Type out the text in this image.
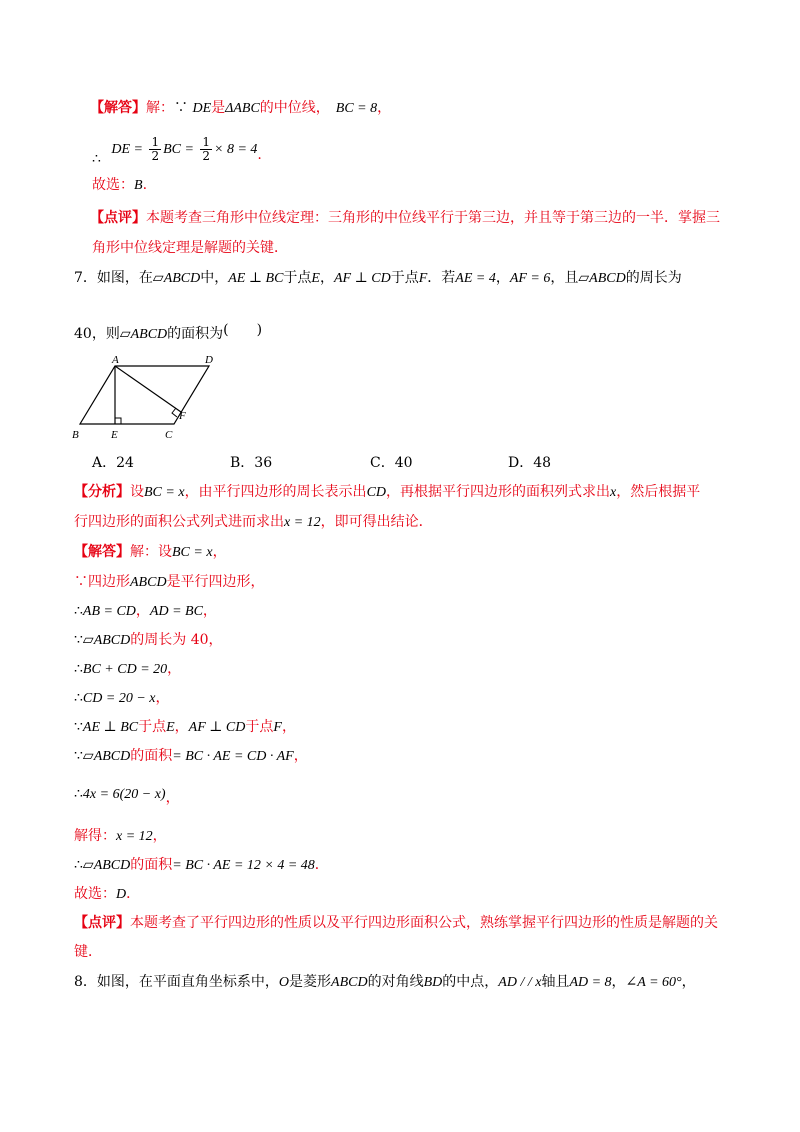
【解答】解：∵ DE是ΔABC的中位线， BC = 8，
∴ DE = $\frac{1}{2}$ BC = $\frac{1}{2} \times 8 = 4$.
故选：B.
【点评】本题考查三角形中位线定理：三角形的中位线平行于第三边，并且等于第三边的一半．掌握三
角形中位线定理是解题的关键．
7．如图，在▱ABCD中，AE ⊥ BC于点E，AF ⊥ CD于点F．若AE = 4，AF = 6，且▱ABCD的周长为
40，则▱ABCD的面积为(　　)
A	D
B	E	C
F
A．24	B．36	C．40	D．48
【分析】设BC = x，由平行四边形的周长表示出CD，再根据平行四边形的面积列式求出x，然后根据平
行四边形的面积公式列式进而求出x = 12，即可得出结论．
【解答】解：设BC = x，
∵四边形ABCD是平行四边形，
∴AB = CD，AD = BC，
∵▱ABCD的周长为 40，
∴BC + CD = 20，
∴CD = 20 − x，
∵AE ⊥ BC于点E，AF ⊥ CD于点F，
∵▱ABCD的面积= BC · AE = CD · AF，
∴4x = 6(20 − x)，
解得：x = 12，
∴▱ABCD的面积= BC · AE = 12 × 4 = 48．
故选：D．
【点评】本题考查了平行四边形的性质以及平行四边形面积公式，熟练掌握平行四边形的性质是解题的关
键．
8．如图，在平面直角坐标系中，O是菱形ABCD的对角线BD的中点，AD / / x轴且AD = 8，∠A = 60°，
